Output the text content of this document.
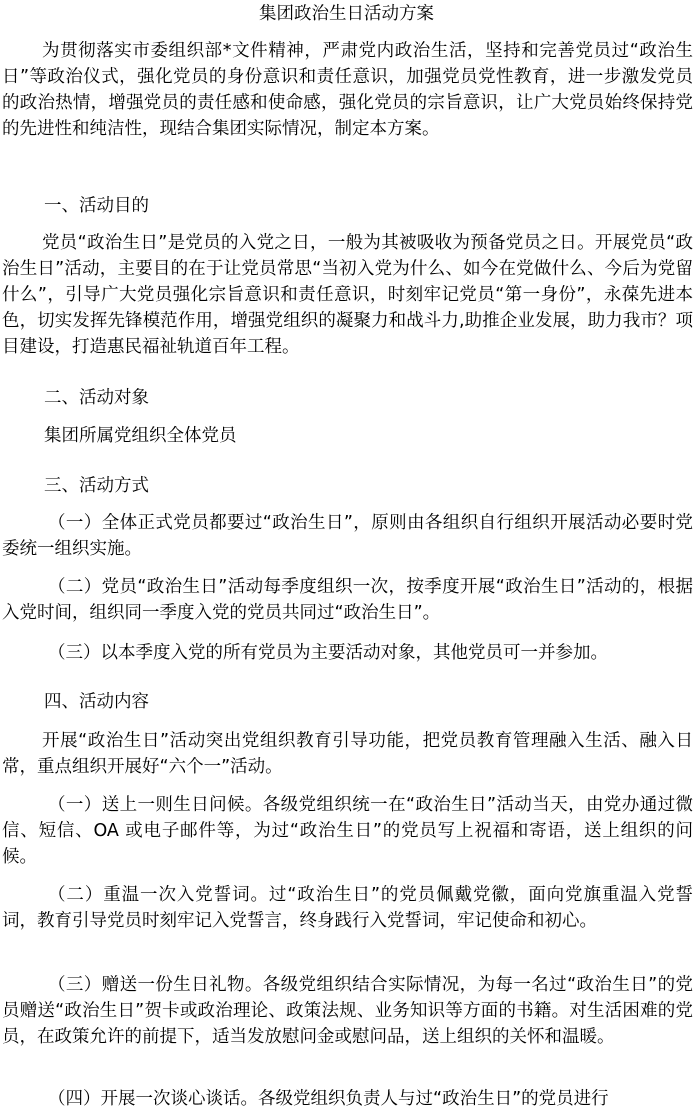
集团政治生日活动方案

为贯彻落实市委组织部*文件精神，严肃党内政治生活，坚持和完善党员过“政治生日”等政治仪式，强化党员的身份意识和责任意识，加强党员党性教育，进一步激发党员的政治热情，增强党员的责任感和使命感，强化党员的宗旨意识，让广大党员始终保持党的先进性和纯洁性，现结合集团实际情况，制定本方案。

一、活动目的

党员“政治生日”是党员的入党之日，一般为其被吸收为预备党员之日。开展党员“政治生日”活动，主要目的在于让党员常思“当初入党为什么、如今在党做什么、今后为党留什么”，引导广大党员强化宗旨意识和责任意识，时刻牢记党员“第一身份”，永葆先进本色，切实发挥先锋模范作用，增强党组织的凝聚力和战斗力,助推企业发展，助力我市？项目建设，打造惠民福祉轨道百年工程。

二、活动对象
集团所属党组织全体党员
三、活动方式

（一）全体正式党员都要过“政治生日”，原则由各组织自行组织开展活动必要时党委统一组织实施。

（二）党员“政治生日”活动每季度组织一次，按季度开展“政治生日”活动的，根据入党时间，组织同一季度入党的党员共同过“政治生日”。

（三）以本季度入党的所有党员为主要活动对象，其他党员可一并参加。

四、活动内容

开展“政治生日”活动突出党组织教育引导功能，把党员教育管理融入生活、融入日常，重点组织开展好“六个一”活动。

（一）送上一则生日问候。各级党组织统一在“政治生日”活动当天，由党办通过微信、短信、OA 或电子邮件等，为过“政治生日”的党员写上祝福和寄语，送上组织的问候。

（二）重温一次入党誓词。过“政治生日”的党员佩戴党徽，面向党旗重温入党誓词，教育引导党员时刻牢记入党誓言，终身践行入党誓词，牢记使命和初心。

（三）赠送一份生日礼物。各级党组织结合实际情况，为每一名过“政治生日”的党员赠送“政治生日”贺卡或政治理论、政策法规、业务知识等方面的书籍。对生活困难的党员，在政策允许的前提下，适当发放慰问金或慰问品，送上组织的关怀和温暖。

（四）开展一次谈心谈话。各级党组织负责人与过“政治生日”的党员进行
